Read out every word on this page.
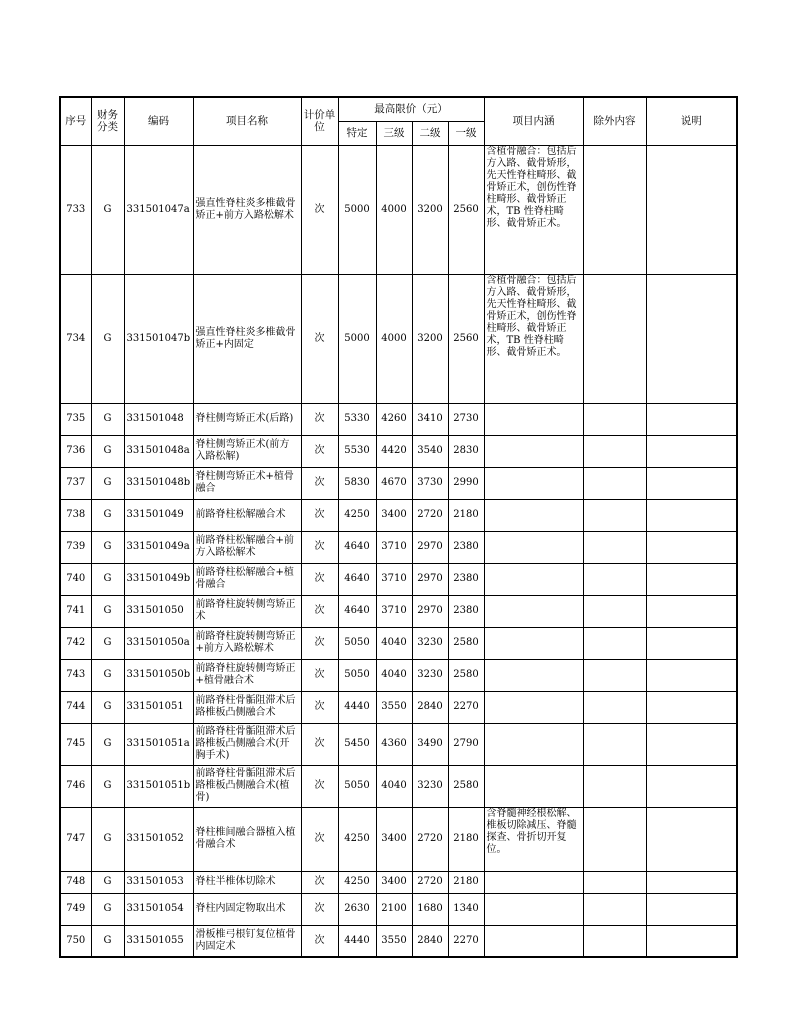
序号	财务分类	编码	项目名称	计价单位	最高限价（元）				项目内涵	除外内容	说明
					特定	三级	二级	一级			
733	G	331501047a	强直性脊柱炎多椎截骨矫正+前方入路松解术	次	5000	4000	3200	2560	含植骨融合：包括后方入路、截骨矫形，先天性脊柱畸形、截骨矫正术，创伤性脊柱畸形、截骨矫正术，TB 性脊柱畸形、截骨矫正术。		
734	G	331501047b	强直性脊柱炎多椎截骨矫正+内固定	次	5000	4000	3200	2560	含植骨融合：包括后方入路、截骨矫形，先天性脊柱畸形、截骨矫正术，创伤性脊柱畸形、截骨矫正术，TB 性脊柱畸形、截骨矫正术。		
735	G	331501048	脊柱侧弯矫正术(后路)	次	5330	4260	3410	2730			
736	G	331501048a	脊柱侧弯矫正术(前方入路松解)	次	5530	4420	3540	2830			
737	G	331501048b	脊柱侧弯矫正术+植骨融合	次	5830	4670	3730	2990			
738	G	331501049	前路脊柱松解融合术	次	4250	3400	2720	2180			
739	G	331501049a	前路脊柱松解融合+前方入路松解术	次	4640	3710	2970	2380			
740	G	331501049b	前路脊柱松解融合+植骨融合	次	4640	3710	2970	2380			
741	G	331501050	前路脊柱旋转侧弯矫正术	次	4640	3710	2970	2380			
742	G	331501050a	前路脊柱旋转侧弯矫正+前方入路松解术	次	5050	4040	3230	2580			
743	G	331501050b	前路脊柱旋转侧弯矫正+植骨融合术	次	5050	4040	3230	2580			
744	G	331501051	前路脊柱骨骺阻滞术后路椎板凸侧融合术	次	4440	3550	2840	2270			
745	G	331501051a	前路脊柱骨骺阻滞术后路椎板凸侧融合术(开胸手术)	次	5450	4360	3490	2790			
746	G	331501051b	前路脊柱骨骺阻滞术后路椎板凸侧融合术(植骨)	次	5050	4040	3230	2580			
747	G	331501052	脊柱椎间融合器植入植骨融合术	次	4250	3400	2720	2180	含脊髓神经根松解、椎板切除减压、脊髓探查、骨折切开复位。		
748	G	331501053	脊柱半椎体切除术	次	4250	3400	2720	2180			
749	G	331501054	脊柱内固定物取出术	次	2630	2100	1680	1340			
750	G	331501055	滑板椎弓根钉复位植骨内固定术	次	4440	3550	2840	2270			
